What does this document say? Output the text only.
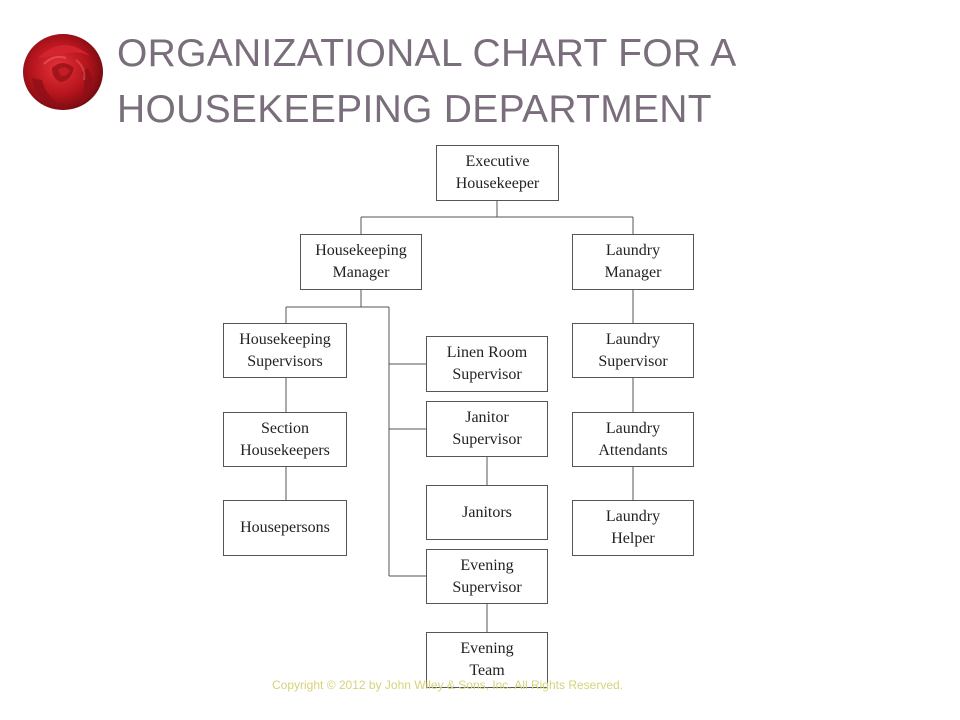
ORGANIZATIONAL CHART FOR A
HOUSEKEEPING DEPARTMENT
Executive
Housekeeper
Housekeeping
Manager
Laundry
Manager
Housekeeping
Supervisors
Section
Housekeepers
Housepersons
Linen Room
Supervisor
Janitor
Supervisor
Janitors
Evening
Supervisor
Evening
Team
Laundry
Supervisor
Laundry
Attendants
Laundry
Helper
Copyright © 2012 by John Wiley & Sons, Inc. All Rights Reserved.
